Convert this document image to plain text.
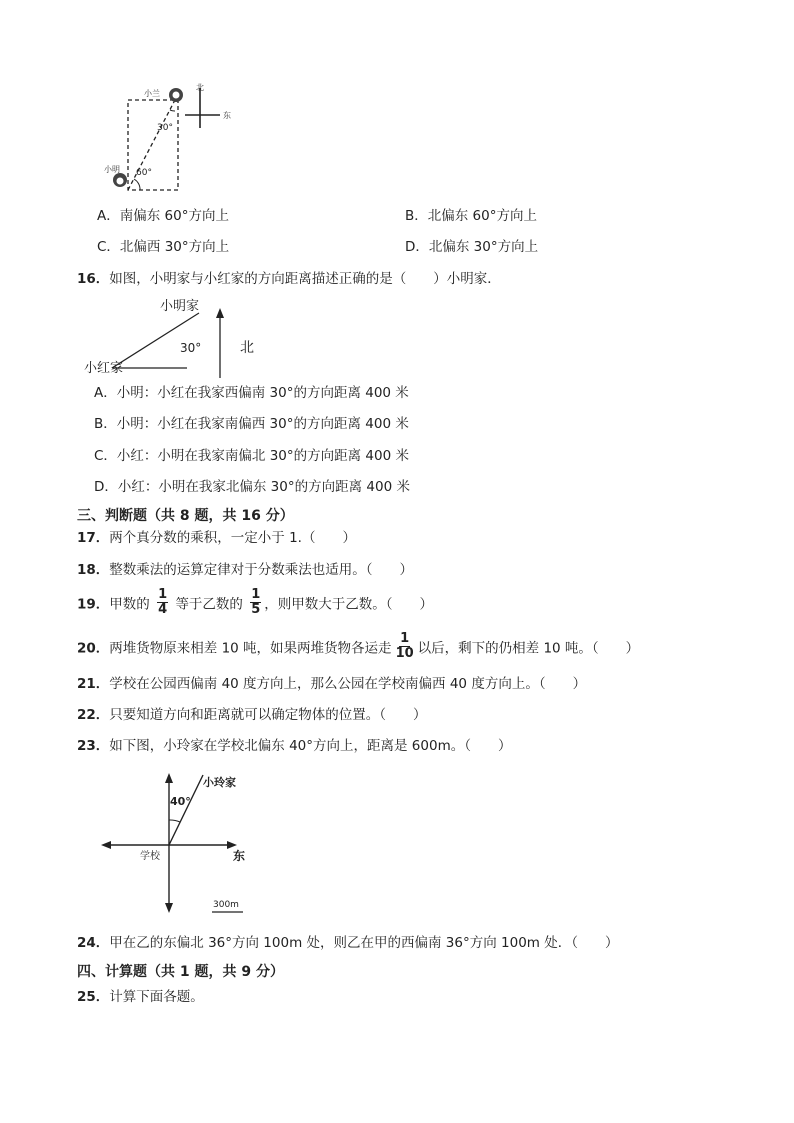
小兰
北
东
小明
30°
60°
A．南偏东 60°方向上	B．北偏东 60°方向上
C．北偏西 30°方向上	D．北偏东 30°方向上
16．如图，小明家与小红家的方向距离描述正确的是（　　）小明家．
小明家
小红家
30°	北
A．小明：小红在我家西偏南 30°的方向距离 400 米
B．小明：小红在我家南偏西 30°的方向距离 400 米
C．小红：小明在我家南偏北 30°的方向距离 400 米
D．小红：小明在我家北偏东 30°的方向距离 400 米
三、判断题（共 8 题，共 16 分）
17．两个真分数的乘积，一定小于 1.（　　）
18．整数乘法的运算定律对于分数乘法也适用。（　　）
19．甲数的 $\frac{1}{4}$ 等于乙数的 $\frac{1}{5}$ ，则甲数大于乙数。（　　）
20．两堆货物原来相差 10 吨，如果两堆货物各运走 $\frac{1}{10}$ 以后，剩下的仍相差 10 吨。（　　）
21．学校在公园西偏南 40 度方向上，那么公园在学校南偏西 40 度方向上。（　　）
22．只要知道方向和距离就可以确定物体的位置。（　　）
23．如下图，小玲家在学校北偏东 40°方向上，距离是 600m。（　　）
小玲家
40°
学校	东
300m
24．甲在乙的东偏北 36°方向 100m 处，则乙在甲的西偏南 36°方向 100m 处．（　　）
四、计算题（共 1 题，共 9 分）
25．计算下面各题。
